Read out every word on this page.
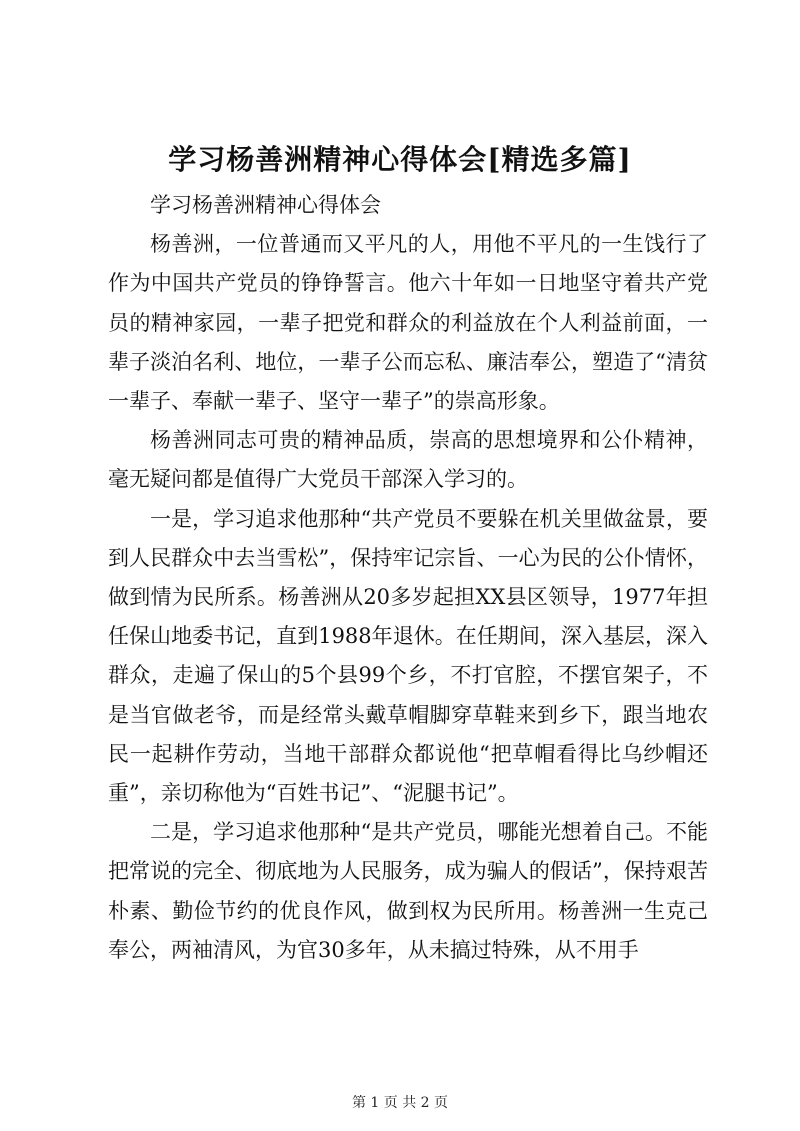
学习杨善洲精神心得体会[精选多篇]

学习杨善洲精神心得体会

杨善洲，一位普通而又平凡的人，用他不平凡的一生饯行了作为中国共产党员的铮铮誓言。他六十年如一日地坚守着共产党员的精神家园，一辈子把党和群众的利益放在个人利益前面，一辈子淡泊名利、地位，一辈子公而忘私、廉洁奉公，塑造了“清贫一辈子、奉献一辈子、坚守一辈子”的崇高形象。

杨善洲同志可贵的精神品质，崇高的思想境界和公仆精神，毫无疑问都是值得广大党员干部深入学习的。

一是，学习追求他那种“共产党员不要躲在机关里做盆景，要到人民群众中去当雪松”，保持牢记宗旨、一心为民的公仆情怀，做到情为民所系。杨善洲从20多岁起担XX县区领导，1977年担任保山地委书记，直到1988年退休。在任期间，深入基层，深入群众，走遍了保山的5个县99个乡，不打官腔，不摆官架子，不是当官做老爷，而是经常头戴草帽脚穿草鞋来到乡下，跟当地农民一起耕作劳动，当地干部群众都说他“把草帽看得比乌纱帽还重”，亲切称他为“百姓书记”、“泥腿书记”。

二是，学习追求他那种“是共产党员，哪能光想着自己。不能把常说的完全、彻底地为人民服务，成为骗人的假话”，保持艰苦朴素、勤俭节约的优良作风，做到权为民所用。杨善洲一生克己奉公，两袖清风，为官30多年，从未搞过特殊，从不用手

第 1 页 共 2 页
